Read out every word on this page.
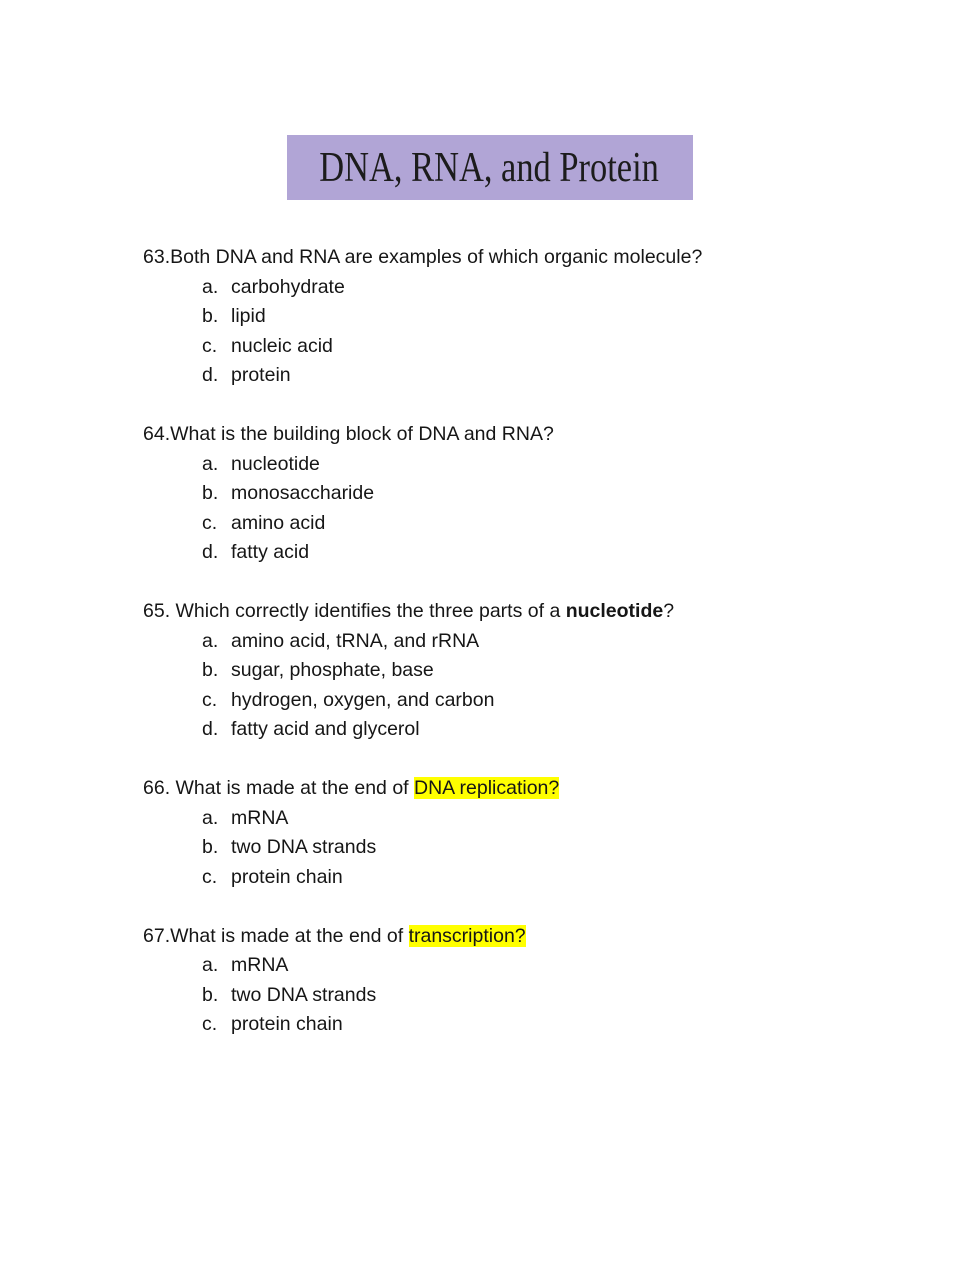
DNA, RNA, and Protein
63.Both DNA and RNA are examples of which organic molecule?
a. carbohydrate
b. lipid
c. nucleic acid
d. protein
64.What is the building block of DNA and RNA?
a. nucleotide
b. monosaccharide
c. amino acid
d. fatty acid
65. Which correctly identifies the three parts of a nucleotide?
a. amino acid, tRNA, and rRNA
b. sugar, phosphate, base
c. hydrogen, oxygen, and carbon
d. fatty acid and glycerol
66. What is made at the end of DNA replication?
a. mRNA
b. two DNA strands
c. protein chain
67.What is made at the end of transcription?
a. mRNA
b. two DNA strands
c. protein chain
